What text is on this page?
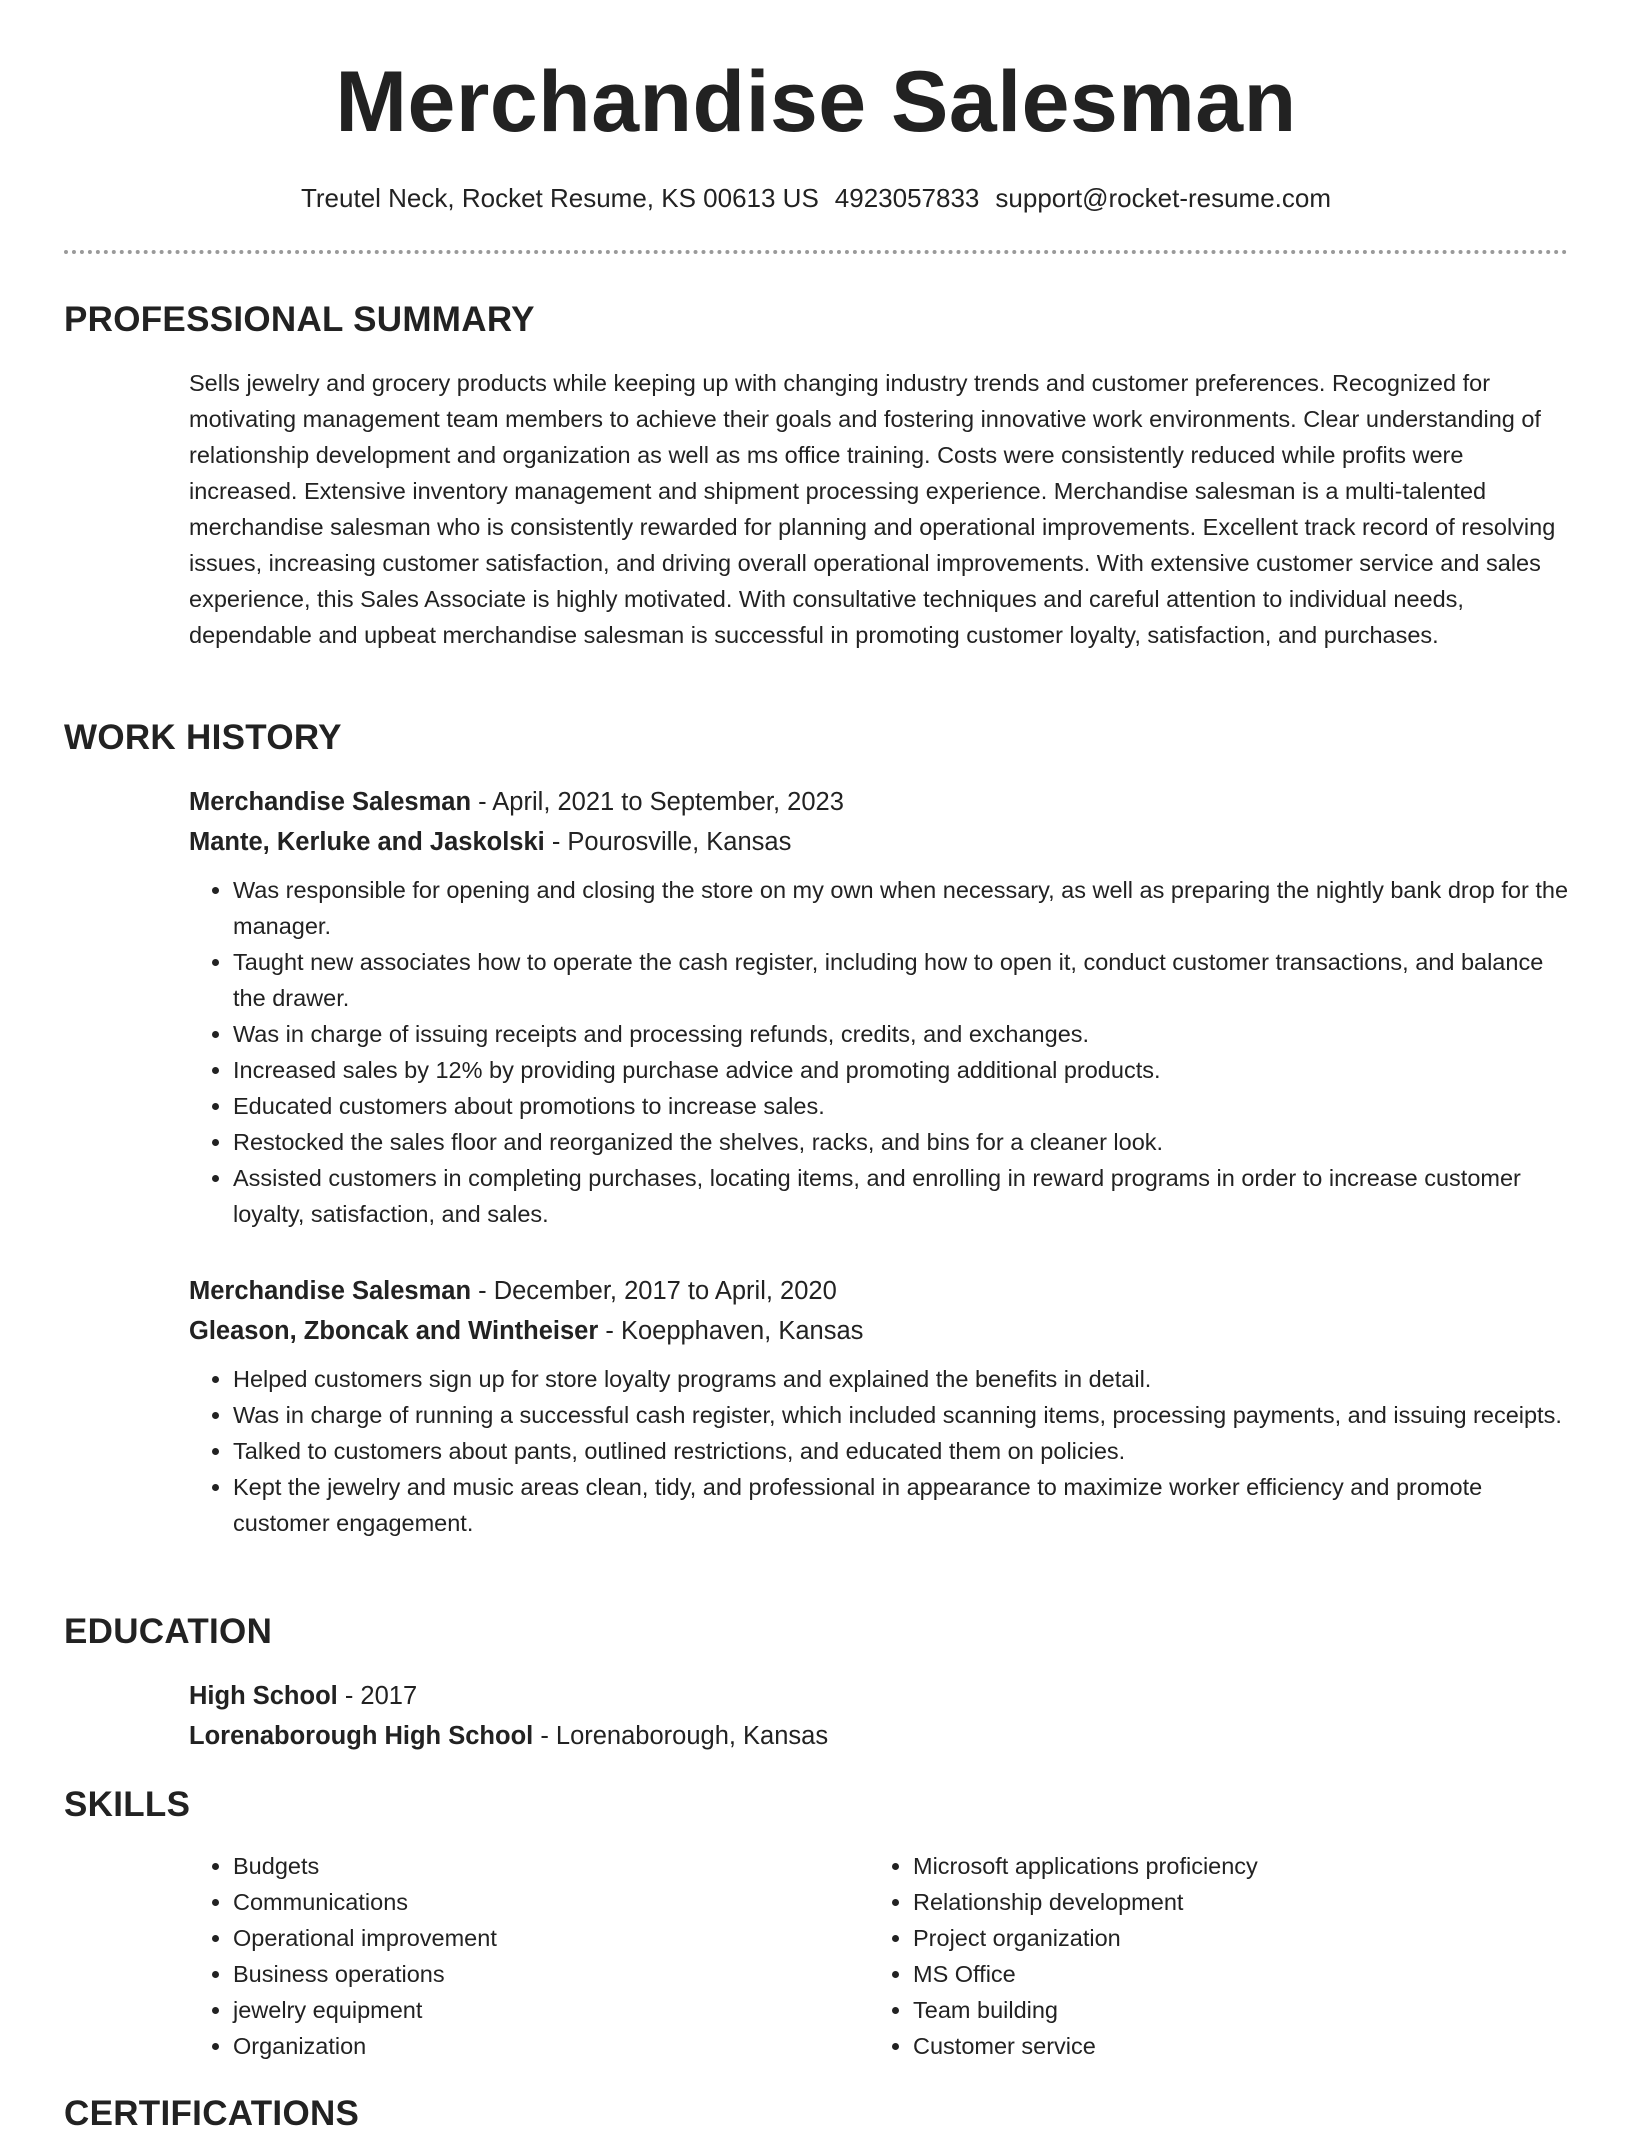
Merchandise Salesman
Treutel Neck, Rocket Resume, KS 00613 US 4923057833 support@rocket-resume.com
PROFESSIONAL SUMMARY
Sells jewelry and grocery products while keeping up with changing industry trends and customer preferences. Recognized for motivating management team members to achieve their goals and fostering innovative work environments. Clear understanding of relationship development and organization as well as ms office training. Costs were consistently reduced while profits were increased. Extensive inventory management and shipment processing experience. Merchandise salesman is a multi-talented merchandise salesman who is consistently rewarded for planning and operational improvements. Excellent track record of resolving issues, increasing customer satisfaction, and driving overall operational improvements. With extensive customer service and sales experience, this Sales Associate is highly motivated. With consultative techniques and careful attention to individual needs, dependable and upbeat merchandise salesman is successful in promoting customer loyalty, satisfaction, and purchases.
WORK HISTORY
Merchandise Salesman - April, 2021 to September, 2023
Mante, Kerluke and Jaskolski - Pourosville, Kansas
• Was responsible for opening and closing the store on my own when necessary, as well as preparing the nightly bank drop for the manager.
• Taught new associates how to operate the cash register, including how to open it, conduct customer transactions, and balance the drawer.
• Was in charge of issuing receipts and processing refunds, credits, and exchanges.
• Increased sales by 12% by providing purchase advice and promoting additional products.
• Educated customers about promotions to increase sales.
• Restocked the sales floor and reorganized the shelves, racks, and bins for a cleaner look.
• Assisted customers in completing purchases, locating items, and enrolling in reward programs in order to increase customer loyalty, satisfaction, and sales.
Merchandise Salesman - December, 2017 to April, 2020
Gleason, Zboncak and Wintheiser - Koepphaven, Kansas
• Helped customers sign up for store loyalty programs and explained the benefits in detail.
• Was in charge of running a successful cash register, which included scanning items, processing payments, and issuing receipts.
• Talked to customers about pants, outlined restrictions, and educated them on policies.
• Kept the jewelry and music areas clean, tidy, and professional in appearance to maximize worker efficiency and promote customer engagement.
EDUCATION
High School - 2017
Lorenaborough High School - Lorenaborough, Kansas
SKILLS
• Budgets
• Communications
• Operational improvement
• Business operations
• jewelry equipment
• Organization
• Microsoft applications proficiency
• Relationship development
• Project organization
• MS Office
• Team building
• Customer service
CERTIFICATIONS
